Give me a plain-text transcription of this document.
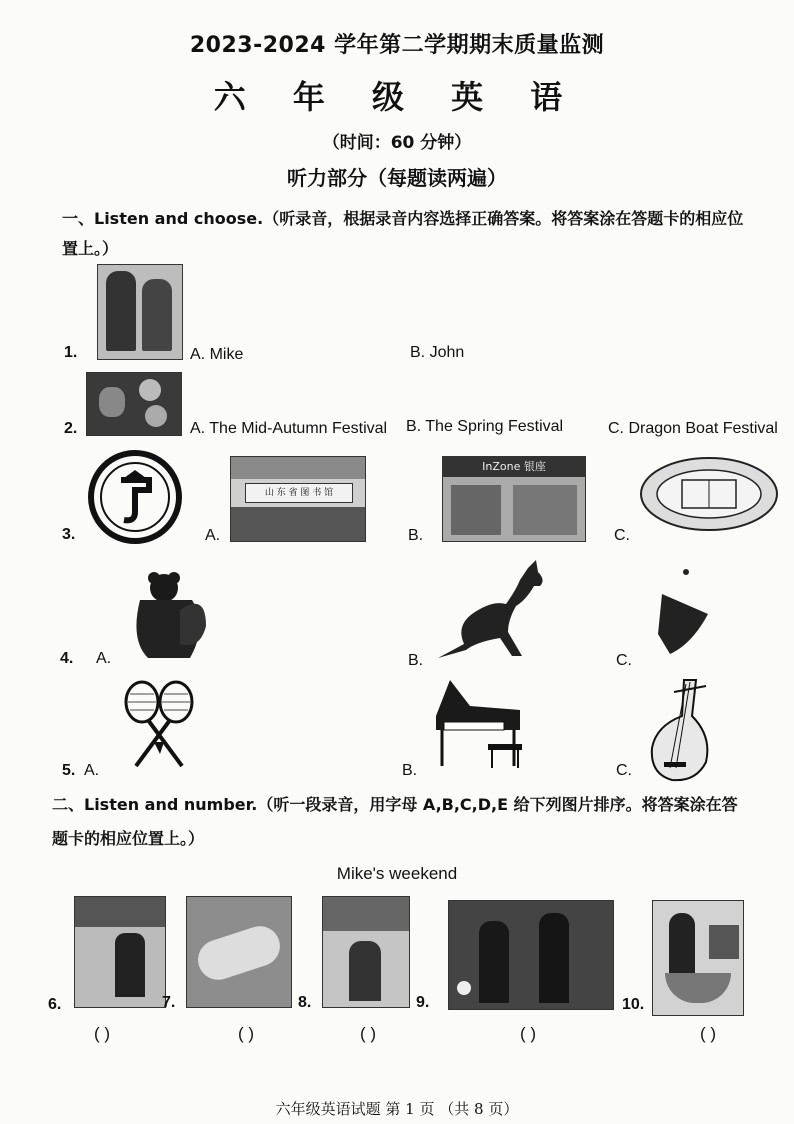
2023-2024 学年第二学期期末质量监测
六 年 级 英 语
（时间：60 分钟）
听力部分（每题读两遍）
一、Listen and choose.（听录音，根据录音内容选择正确答案。将答案涂在答题卡的相应位
置上。）
1.	A. Mike	B. John
2.	A. The Mid-Autumn Festival B. The Spring Festival	C. Dragon Boat Festival
3.	A.
山 东 省 图 书 馆
B.
InZone 银座
C.
4. A.	B.	C.
5. A.	B.	C.
二、Listen and number.（听一段录音，用字母 A,B,C,D,E 给下列图片排序。将答案涂在答
题卡的相应位置上。）
Mike's weekend
6.
( )
7.
( )
8.
( )
9.
( )
10.
( )
六年级英语试题 第 1 页 （共 8 页）
